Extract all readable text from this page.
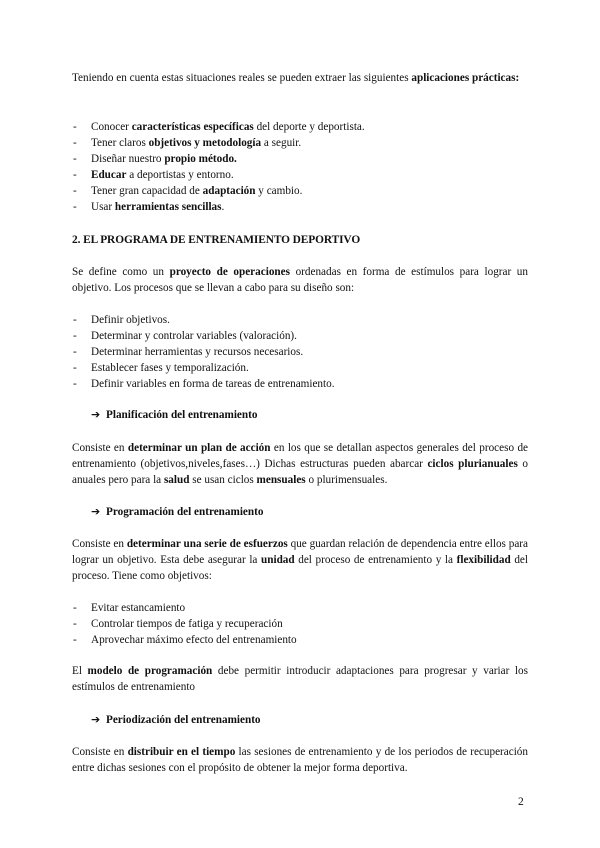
Teniendo en cuenta estas situaciones reales se pueden extraer las siguientes aplicaciones prácticas:

- Conocer características específicas del deporte y deportista.
- Tener claros objetivos y metodología a seguir.
- Diseñar nuestro propio método.
- Educar a deportistas y entorno.
- Tener gran capacidad de adaptación y cambio.
- Usar herramientas sencillas.
2. EL PROGRAMA DE ENTRENAMIENTO DEPORTIVO

Se define como un proyecto de operaciones ordenadas en forma de estímulos para lograr un objetivo. Los procesos que se llevan a cabo para su diseño son:

- Definir objetivos.
- Determinar y controlar variables (valoración).
- Determinar herramientas y recursos necesarios.
- Establecer fases y temporalización.
- Definir variables en forma de tareas de entrenamiento.
➔ Planificación del entrenamiento

Consiste en determinar un plan de acción en los que se detallan aspectos generales del proceso de entrenamiento (objetivos,niveles,fases…) Dichas estructuras pueden abarcar ciclos plurianuales o anuales pero para la salud se usan ciclos mensuales o plurimensuales.

➔ Programación del entrenamiento

Consiste en determinar una serie de esfuerzos que guardan relación de dependencia entre ellos para lograr un objetivo. Esta debe asegurar la unidad del proceso de entrenamiento y la flexibilidad del proceso. Tiene como objetivos:

- Evitar estancamiento
- Controlar tiempos de fatiga y recuperación
- Aprovechar máximo efecto del entrenamiento

El modelo de programación debe permitir introducir adaptaciones para progresar y variar los estímulos de entrenamiento

➔ Periodización del entrenamiento

Consiste en distribuir en el tiempo las sesiones de entrenamiento y de los periodos de recuperación entre dichas sesiones con el propósito de obtener la mejor forma deportiva.

2
